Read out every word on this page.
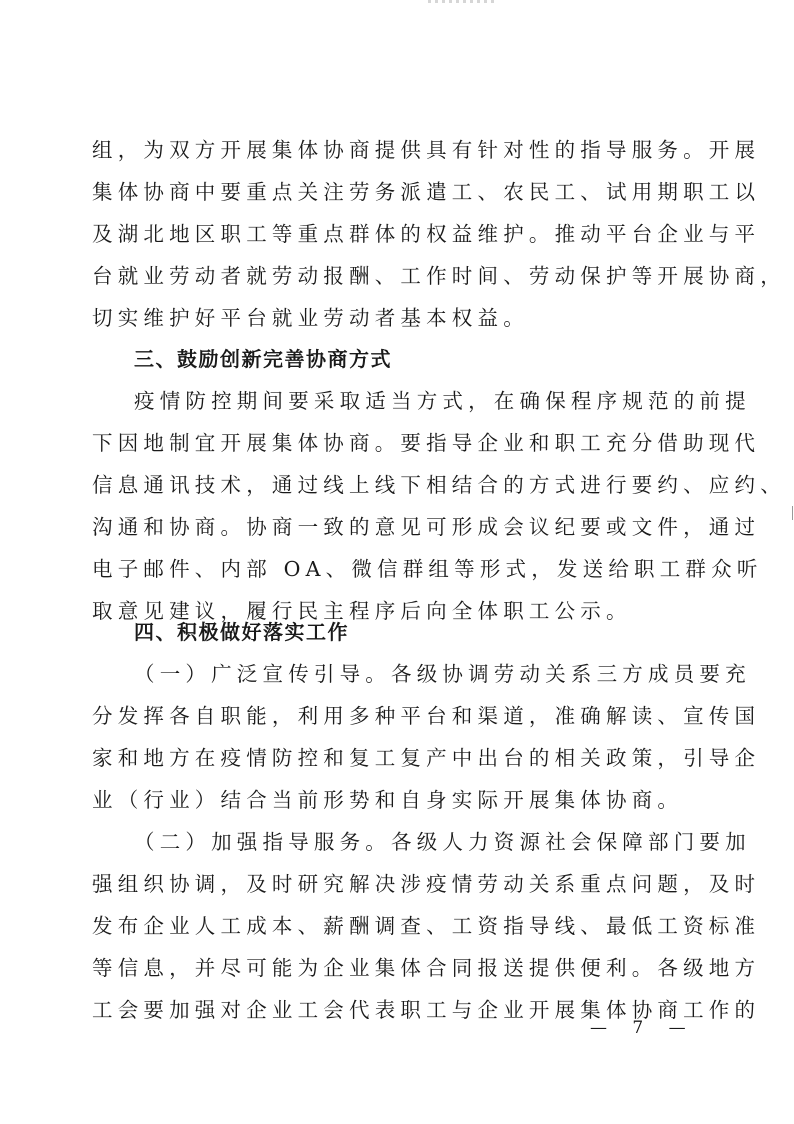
组，为双方开展集体协商提供具有针对性的指导服务。开展
集体协商中要重点关注劳务派遣工、农民工、试用期职工以
及湖北地区职工等重点群体的权益维护。推动平台企业与平
台就业劳动者就劳动报酬、工作时间、劳动保护等开展协商，
切实维护好平台就业劳动者基本权益。
三、鼓励创新完善协商方式
疫情防控期间要采取适当方式，在确保程序规范的前提
下因地制宜开展集体协商。要指导企业和职工充分借助现代
信息通讯技术，通过线上线下相结合的方式进行要约、应约、
沟通和协商。协商一致的意见可形成会议纪要或文件，通过
电子邮件、内部 OA、微信群组等形式，发送给职工群众听
取意见建议，履行民主程序后向全体职工公示。
四、积极做好落实工作
（一）广泛宣传引导。各级协调劳动关系三方成员要充
分发挥各自职能，利用多种平台和渠道，准确解读、宣传国
家和地方在疫情防控和复工复产中出台的相关政策，引导企
业（行业）结合当前形势和自身实际开展集体协商。
（二）加强指导服务。各级人力资源社会保障部门要加
强组织协调，及时研究解决涉疫情劳动关系重点问题，及时
发布企业人工成本、薪酬调查、工资指导线、最低工资标准
等信息，并尽可能为企业集体合同报送提供便利。各级地方
工会要加强对企业工会代表职工与企业开展集体协商工作的
— 7 —
